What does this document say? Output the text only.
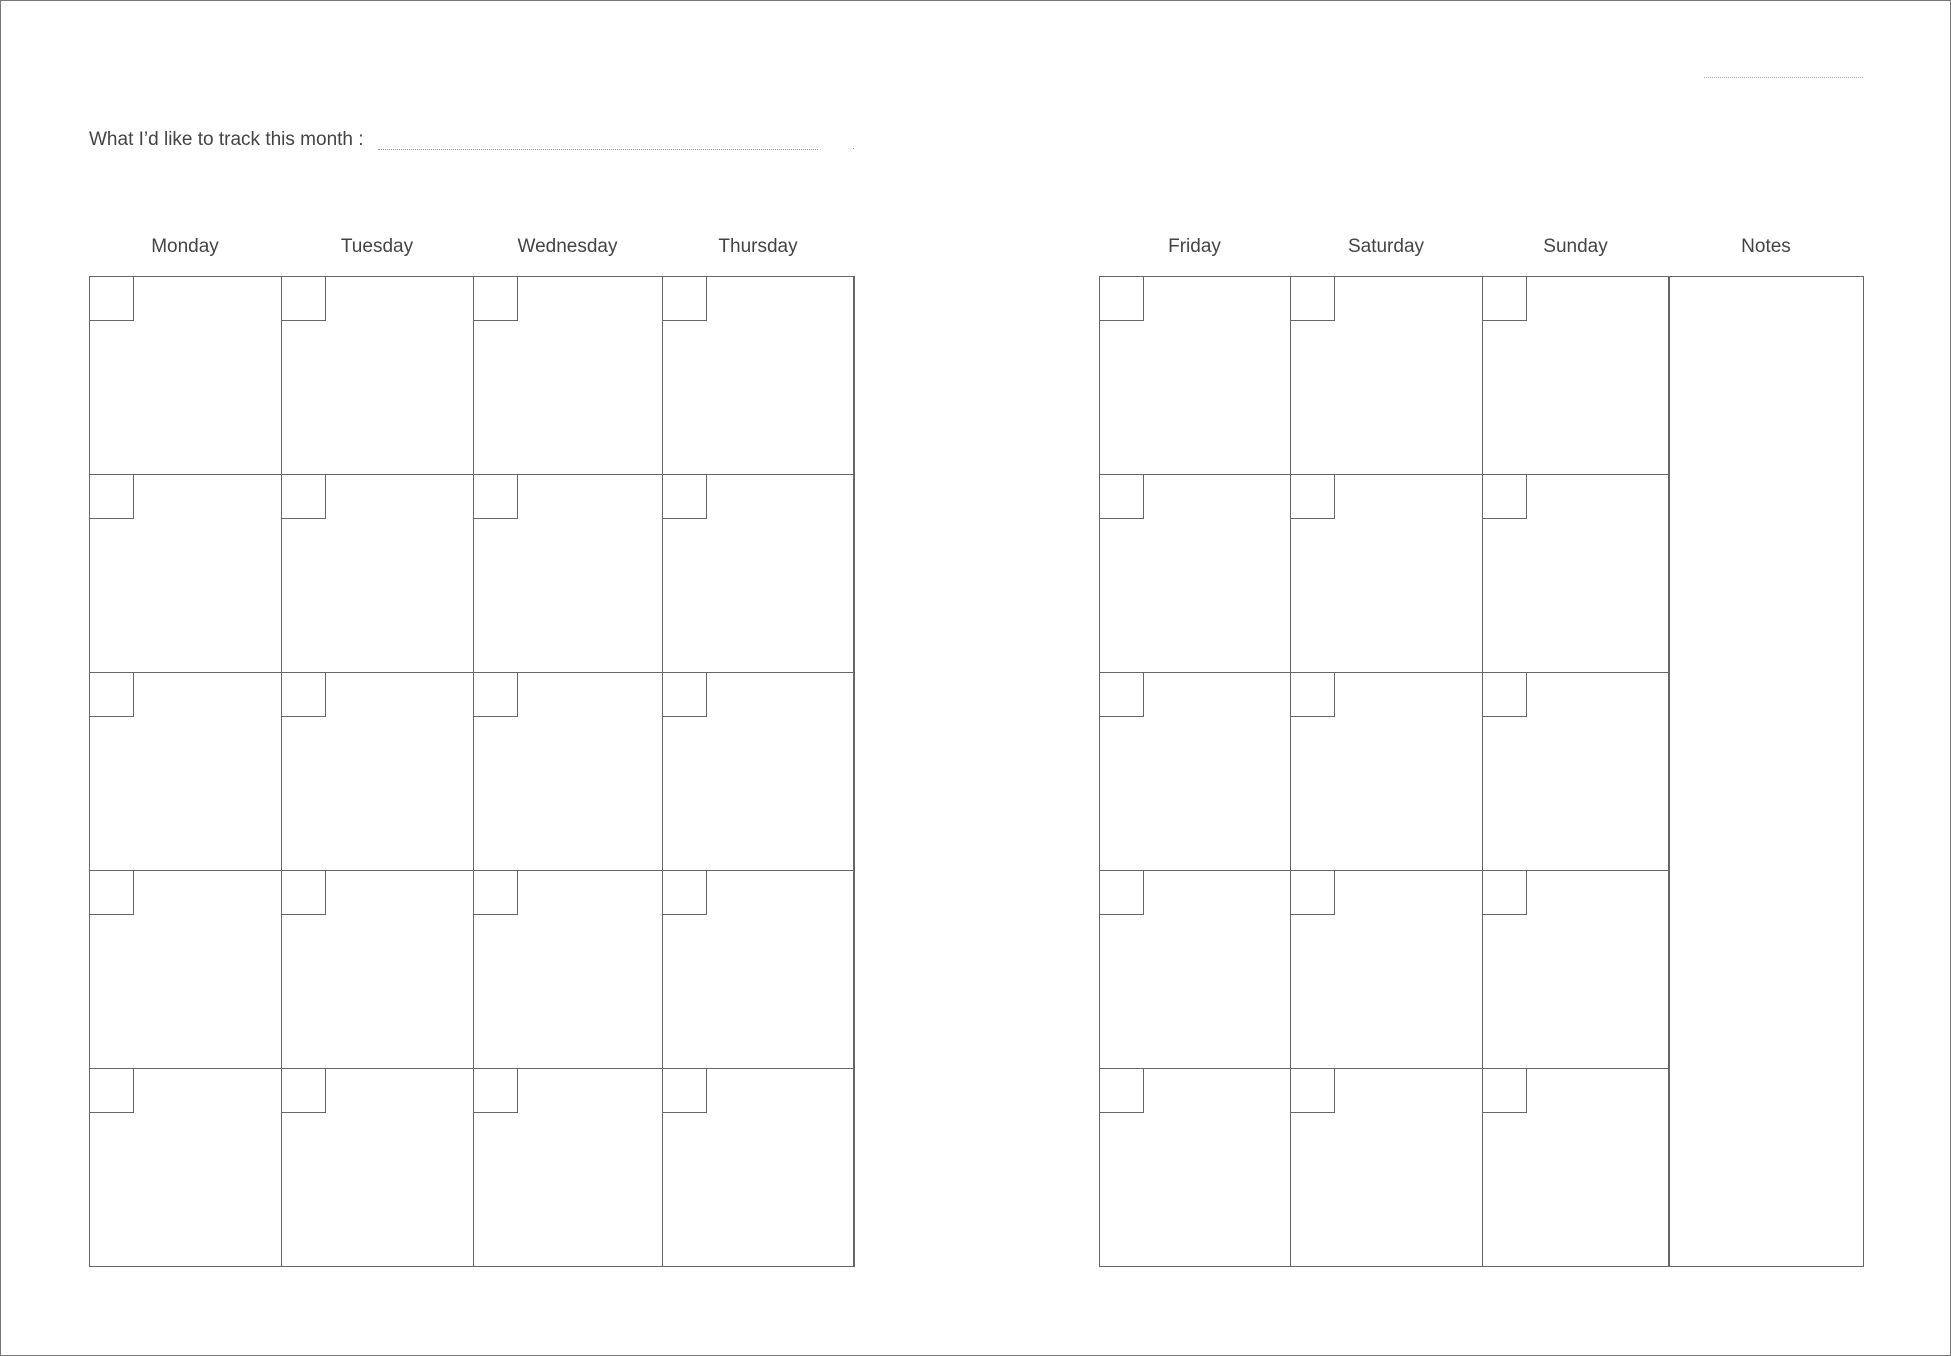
What I’d like to track this month :
Monday	Tuesday	Wednesday	Thursday	Friday	Saturday	Sunday	Notes
